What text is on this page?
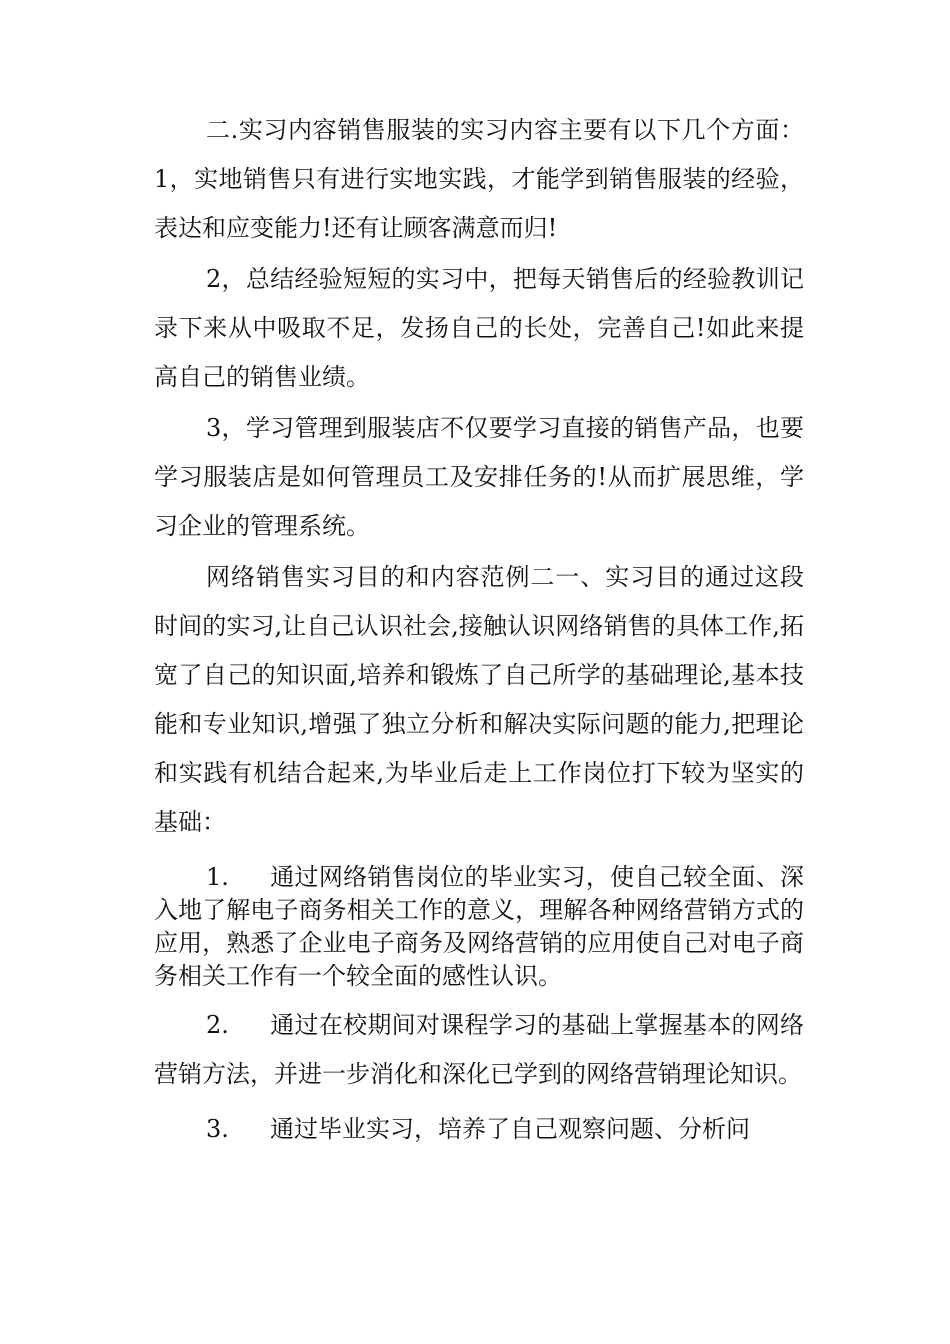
二.实习内容销售服装的实习内容主要有以下几个方面：1，实地销售只有进行实地实践，才能学到销售服装的经验，表达和应变能力!还有让顾客满意而归!

2，总结经验短短的实习中，把每天销售后的经验教训记录下来从中吸取不足，发扬自己的长处，完善自己!如此来提高自己的销售业绩。

3，学习管理到服装店不仅要学习直接的销售产品，也要学习服装店是如何管理员工及安排任务的!从而扩展思维，学习企业的管理系统。

网络销售实习目的和内容范例二一、实习目的通过这段时间的实习,让自己认识社会,接触认识网络销售的具体工作,拓宽了自己的知识面,培养和锻炼了自己所学的基础理论,基本技能和专业知识,增强了独立分析和解决实际问题的能力,把理论和实践有机结合起来,为毕业后走上工作岗位打下较为坚实的基础：

1. 通过网络销售岗位的毕业实习，使自己较全面、深入地了解电子商务相关工作的意义，理解各种网络营销方式的应用，熟悉了企业电子商务及网络营销的应用使自己对电子商务相关工作有一个较全面的感性认识。

2. 通过在校期间对课程学习的基础上掌握基本的网络营销方法，并进一步消化和深化已学到的网络营销理论知识。

3. 通过毕业实习，培养了自己观察问题、分析问
